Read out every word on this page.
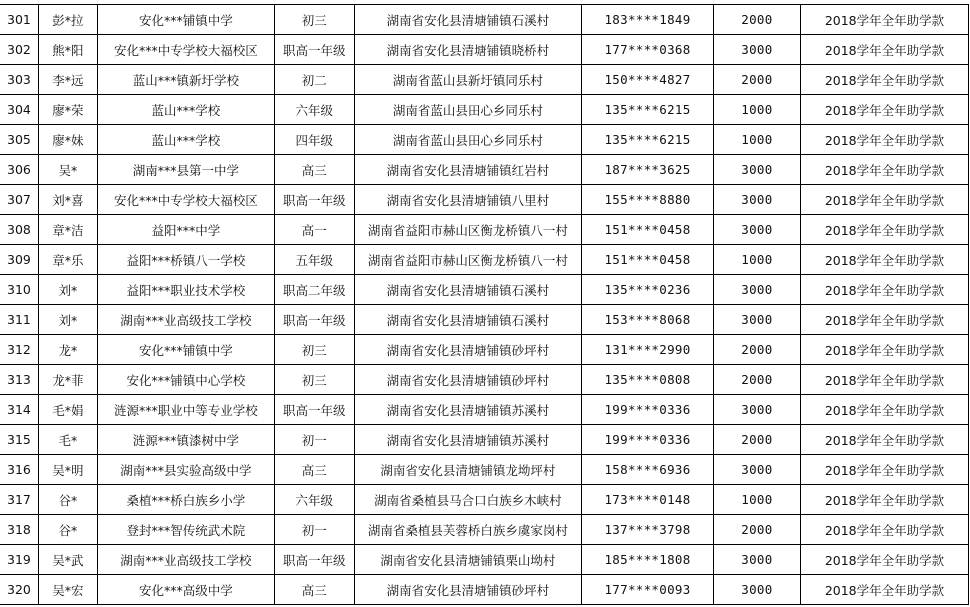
301	彭*拉	安化***铺镇中学	初三	湖南省安化县清塘铺镇石溪村	183****1849	2000	2018学年全年助学款
302	熊*阳	安化***中专学校大福校区	职高一年级	湖南省安化县清塘铺镇晓桥村	177****0368	3000	2018学年全年助学款
303	李*远	蓝山***镇新圩学校	初二	湖南省蓝山县新圩镇同乐村	150****4827	2000	2018学年全年助学款
304	廖*荣	蓝山***学校	六年级	湖南省蓝山县田心乡同乐村	135****6215	1000	2018学年全年助学款
305	廖*妹	蓝山***学校	四年级	湖南省蓝山县田心乡同乐村	135****6215	1000	2018学年全年助学款
306	吴*	湖南***县第一中学	高三	湖南省安化县清塘铺镇红岩村	187****3625	3000	2018学年全年助学款
307	刘*喜	安化***中专学校大福校区	职高一年级	湖南省安化县清塘铺镇八里村	155****8880	3000	2018学年全年助学款
308	章*洁	益阳***中学	高一	湖南省益阳市赫山区衡龙桥镇八一村	151****0458	3000	2018学年全年助学款
309	章*乐	益阳***桥镇八一学校	五年级	湖南省益阳市赫山区衡龙桥镇八一村	151****0458	1000	2018学年全年助学款
310	刘*	益阳***职业技术学校	职高二年级	湖南省安化县清塘铺镇石溪村	135****0236	3000	2018学年全年助学款
311	刘*	湖南***业高级技工学校	职高一年级	湖南省安化县清塘铺镇石溪村	153****8068	3000	2018学年全年助学款
312	龙*	安化***铺镇中学	初三	湖南省安化县清塘铺镇砂坪村	131****2990	2000	2018学年全年助学款
313	龙*菲	安化***铺镇中心学校	初三	湖南省安化县清塘铺镇砂坪村	135****0808	2000	2018学年全年助学款
314	毛*娟	涟源***职业中等专业学校	职高一年级	湖南省安化县清塘铺镇苏溪村	199****0336	3000	2018学年全年助学款
315	毛*	涟源***镇漆树中学	初一	湖南省安化县清塘铺镇苏溪村	199****0336	2000	2018学年全年助学款
316	吴*明	湖南***县实验高级中学	高三	湖南省安化县清塘铺镇龙坳坪村	158****6936	3000	2018学年全年助学款
317	谷*	桑植***桥白族乡小学	六年级	湖南省桑植县马合口白族乡木峡村	173****0148	1000	2018学年全年助学款
318	谷*	登封***智传统武术院	初一	湖南省桑植县芙蓉桥白族乡虞家岗村	137****3798	2000	2018学年全年助学款
319	吴*武	湖南***业高级技工学校	职高一年级	湖南省安化县清塘铺镇栗山坳村	185****1808	3000	2018学年全年助学款
320	吴*宏	安化***高级中学	高三	湖南省安化县清塘铺镇砂坪村	177****0093	3000	2018学年全年助学款
